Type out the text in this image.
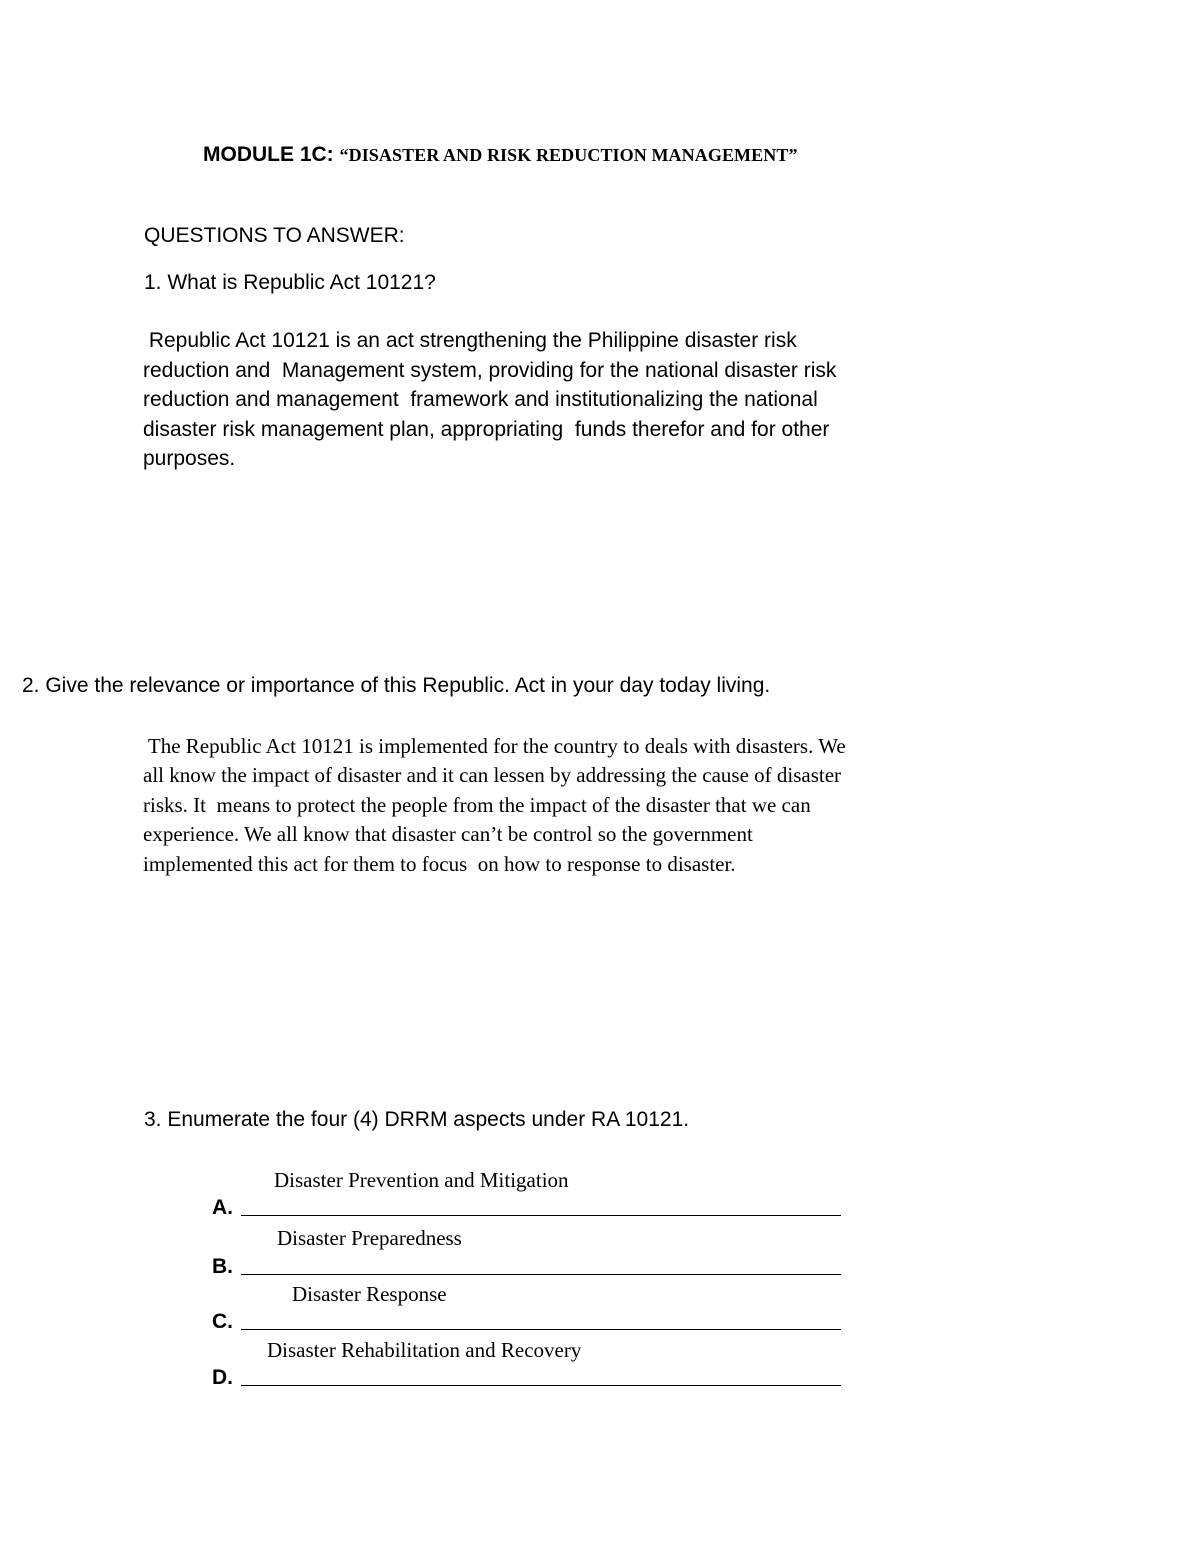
MODULE 1C: “DISASTER AND RISK REDUCTION MANAGEMENT”
QUESTIONS TO ANSWER:
1. What is Republic Act 10121?
Republic Act 10121 is an act strengthening the Philippine disaster risk
reduction and  Management system, providing for the national disaster risk
reduction and management  framework and institutionalizing the national
disaster risk management plan, appropriating  funds therefor and for other
purposes.
2. Give the relevance or importance of this Republic. Act in your day today living.
The Republic Act 10121 is implemented for the country to deals with disasters. We
all know the impact of disaster and it can lessen by addressing the cause of disaster
risks. It  means to protect the people from the impact of the disaster that we can
experience. We all know that disaster can’t be control so the government
implemented this act for them to focus  on how to response to disaster.
3. Enumerate the four (4) DRRM aspects under RA 10121.
Disaster Prevention and Mitigation
A.
Disaster Preparedness
B.
Disaster Response
C.
Disaster Rehabilitation and Recovery
D.
